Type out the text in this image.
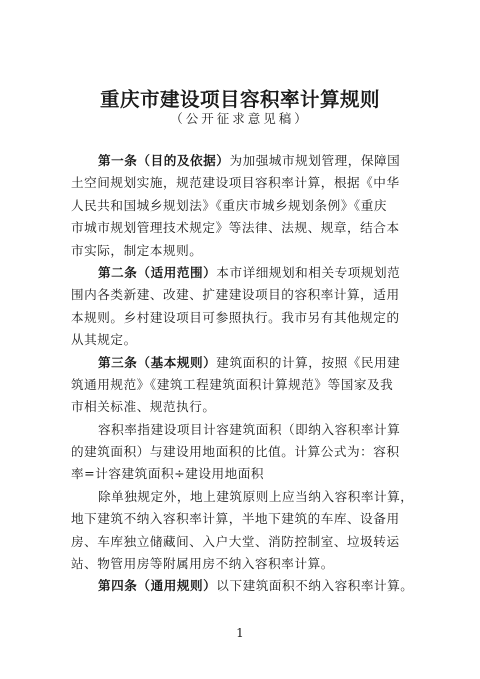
重庆市建设项目容积率计算规则
（公开征求意见稿）

第一条（目的及依据）为加强城市规划管理，保障国
土空间规划实施，规范建设项目容积率计算，根据《中华
人民共和国城乡规划法》《重庆市城乡规划条例》《重庆
市城市规划管理技术规定》等法律、法规、规章，结合本
市实际，制定本规则。

第二条（适用范围）本市详细规划和相关专项规划范
围内各类新建、改建、扩建建设项目的容积率计算，适用
本规则。乡村建设项目可参照执行。我市另有其他规定的
从其规定。

第三条（基本规则）建筑面积的计算，按照《民用建
筑通用规范》《建筑工程建筑面积计算规范》等国家及我
市相关标准、规范执行。

容积率指建设项目计容建筑面积（即纳入容积率计算
的建筑面积）与建设用地面积的比值。计算公式为：容积
率=计容建筑面积÷建设用地面积

除单独规定外，地上建筑原则上应当纳入容积率计算，
地下建筑不纳入容积率计算，半地下建筑的车库、设备用
房、车库独立储藏间、入户大堂、消防控制室、垃圾转运
站、物管用房等附属用房不纳入容积率计算。

第四条（通用规则）以下建筑面积不纳入容积率计算。

1
